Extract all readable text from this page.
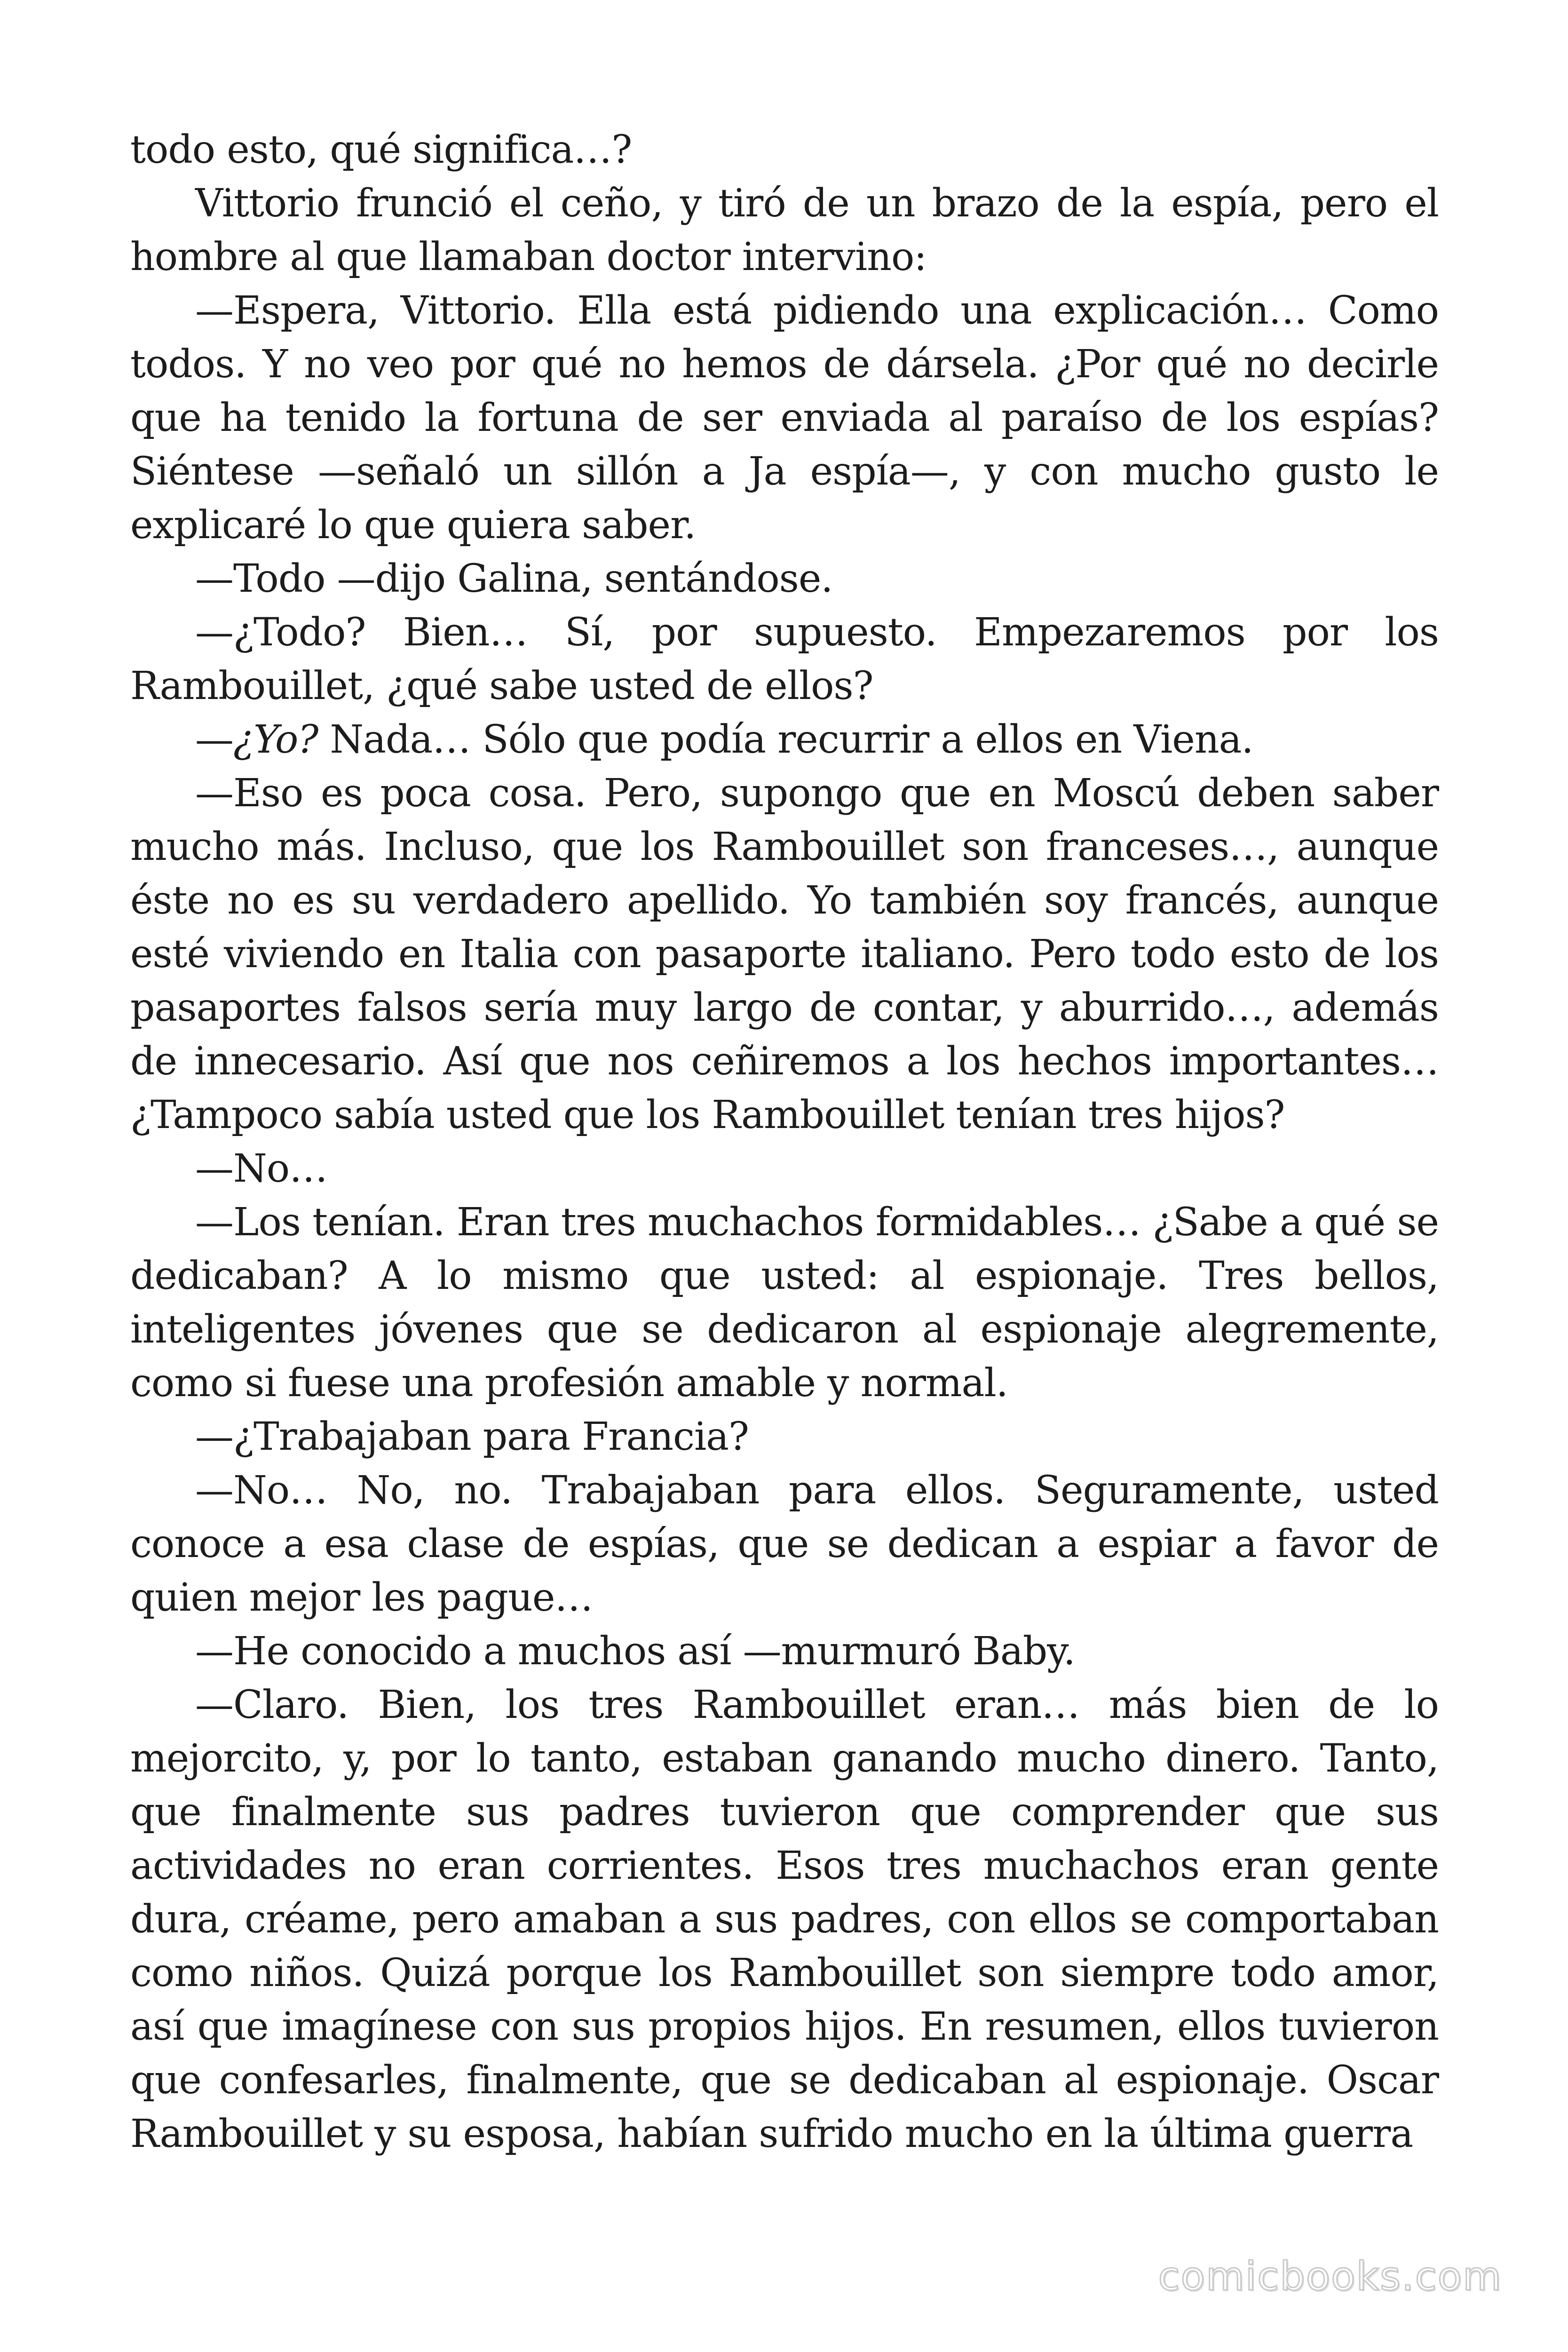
todo esto, qué significa…?

Vittorio frunció el ceño, y tiró de un brazo de la espía, pero el hombre al que llamaban doctor intervino:

—Espera, Vittorio. Ella está pidiendo una explicación… Como todos. Y no veo por qué no hemos de dársela. ¿Por qué no decirle que ha tenido la fortuna de ser enviada al paraíso de los espías? Siéntese —señaló un sillón a Ja espía—, y con mucho gusto le explicaré lo que quiera saber.

—Todo —dijo Galina, sentándose.

—¿Todo? Bien… Sí, por supuesto. Empezaremos por los Rambouillet, ¿qué sabe usted de ellos?

—¿Yo? Nada… Sólo que podía recurrir a ellos en Viena.

—Eso es poca cosa. Pero, supongo que en Moscú deben saber mucho más. Incluso, que los Rambouillet son franceses…, aunque éste no es su verdadero apellido. Yo también soy francés, aunque esté viviendo en Italia con pasaporte italiano. Pero todo esto de los pasaportes falsos sería muy largo de contar, y aburrido…, además de innecesario. Así que nos ceñiremos a los hechos importantes… ¿Tampoco sabía usted que los Rambouillet tenían tres hijos?

—No…

—Los tenían. Eran tres muchachos formidables… ¿Sabe a qué se dedicaban? A lo mismo que usted: al espionaje. Tres bellos, inteligentes jóvenes que se dedicaron al espionaje alegremente, como si fuese una profesión amable y normal.

—¿Trabajaban para Francia?

—No… No, no. Trabajaban para ellos. Seguramente, usted conoce a esa clase de espías, que se dedican a espiar a favor de quien mejor les pague…

—He conocido a muchos así —murmuró Baby.

—Claro. Bien, los tres Rambouillet eran… más bien de lo mejorcito, y, por lo tanto, estaban ganando mucho dinero. Tanto, que finalmente sus padres tuvieron que comprender que sus actividades no eran corrientes. Esos tres muchachos eran gente dura, créame, pero amaban a sus padres, con ellos se comportaban como niños. Quizá porque los Rambouillet son siempre todo amor, así que imagínese con sus propios hijos. En resumen, ellos tuvieron que confesarles, finalmente, que se dedicaban al espionaje. Oscar Rambouillet y su esposa, habían sufrido mucho en la última guerra

comicbooks.com
